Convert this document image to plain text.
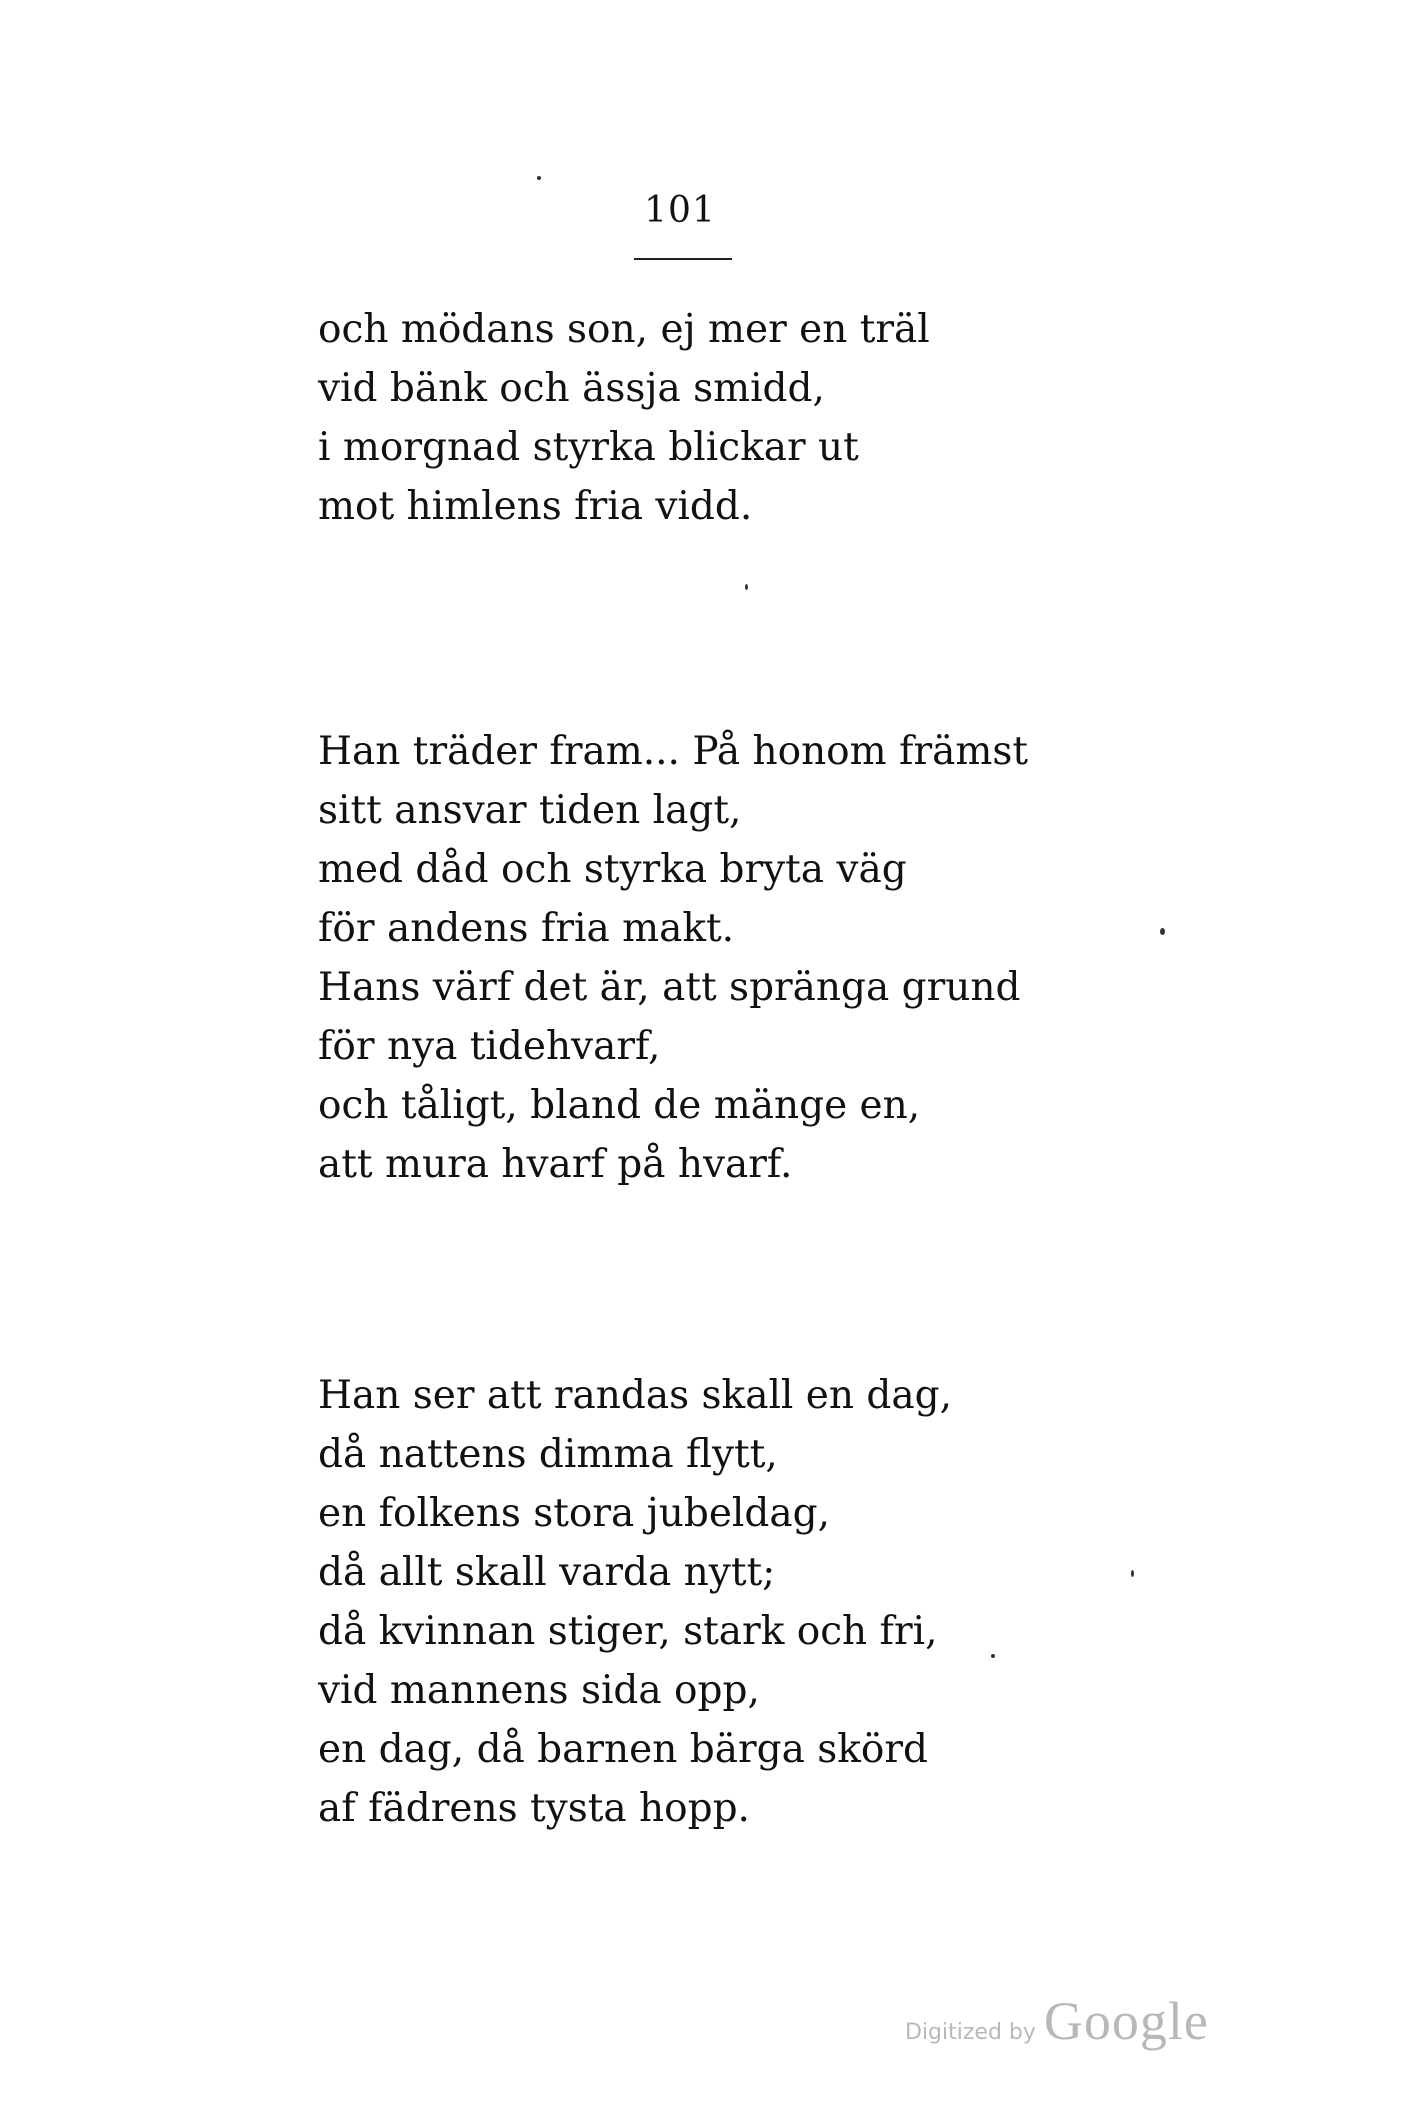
101
och mödans son, ej mer en träl
vid bänk och ässja smidd,
i morgnad styrka blickar ut
mot himlens fria vidd.
Han träder fram... På honom främst
sitt ansvar tiden lagt,
med dåd och styrka bryta väg
för andens fria makt.
Hans värf det är, att spränga grund
för nya tidehvarf,
och tåligt, bland de mänge en,
att mura hvarf på hvarf.
Han ser att randas skall en dag,
då nattens dimma flytt,
en folkens stora jubeldag,
då allt skall varda nytt;
då kvinnan stiger, stark och fri,
vid mannens sida opp,
en dag, då barnen bärga skörd
af fädrens tysta hopp.
Digitized by Google
